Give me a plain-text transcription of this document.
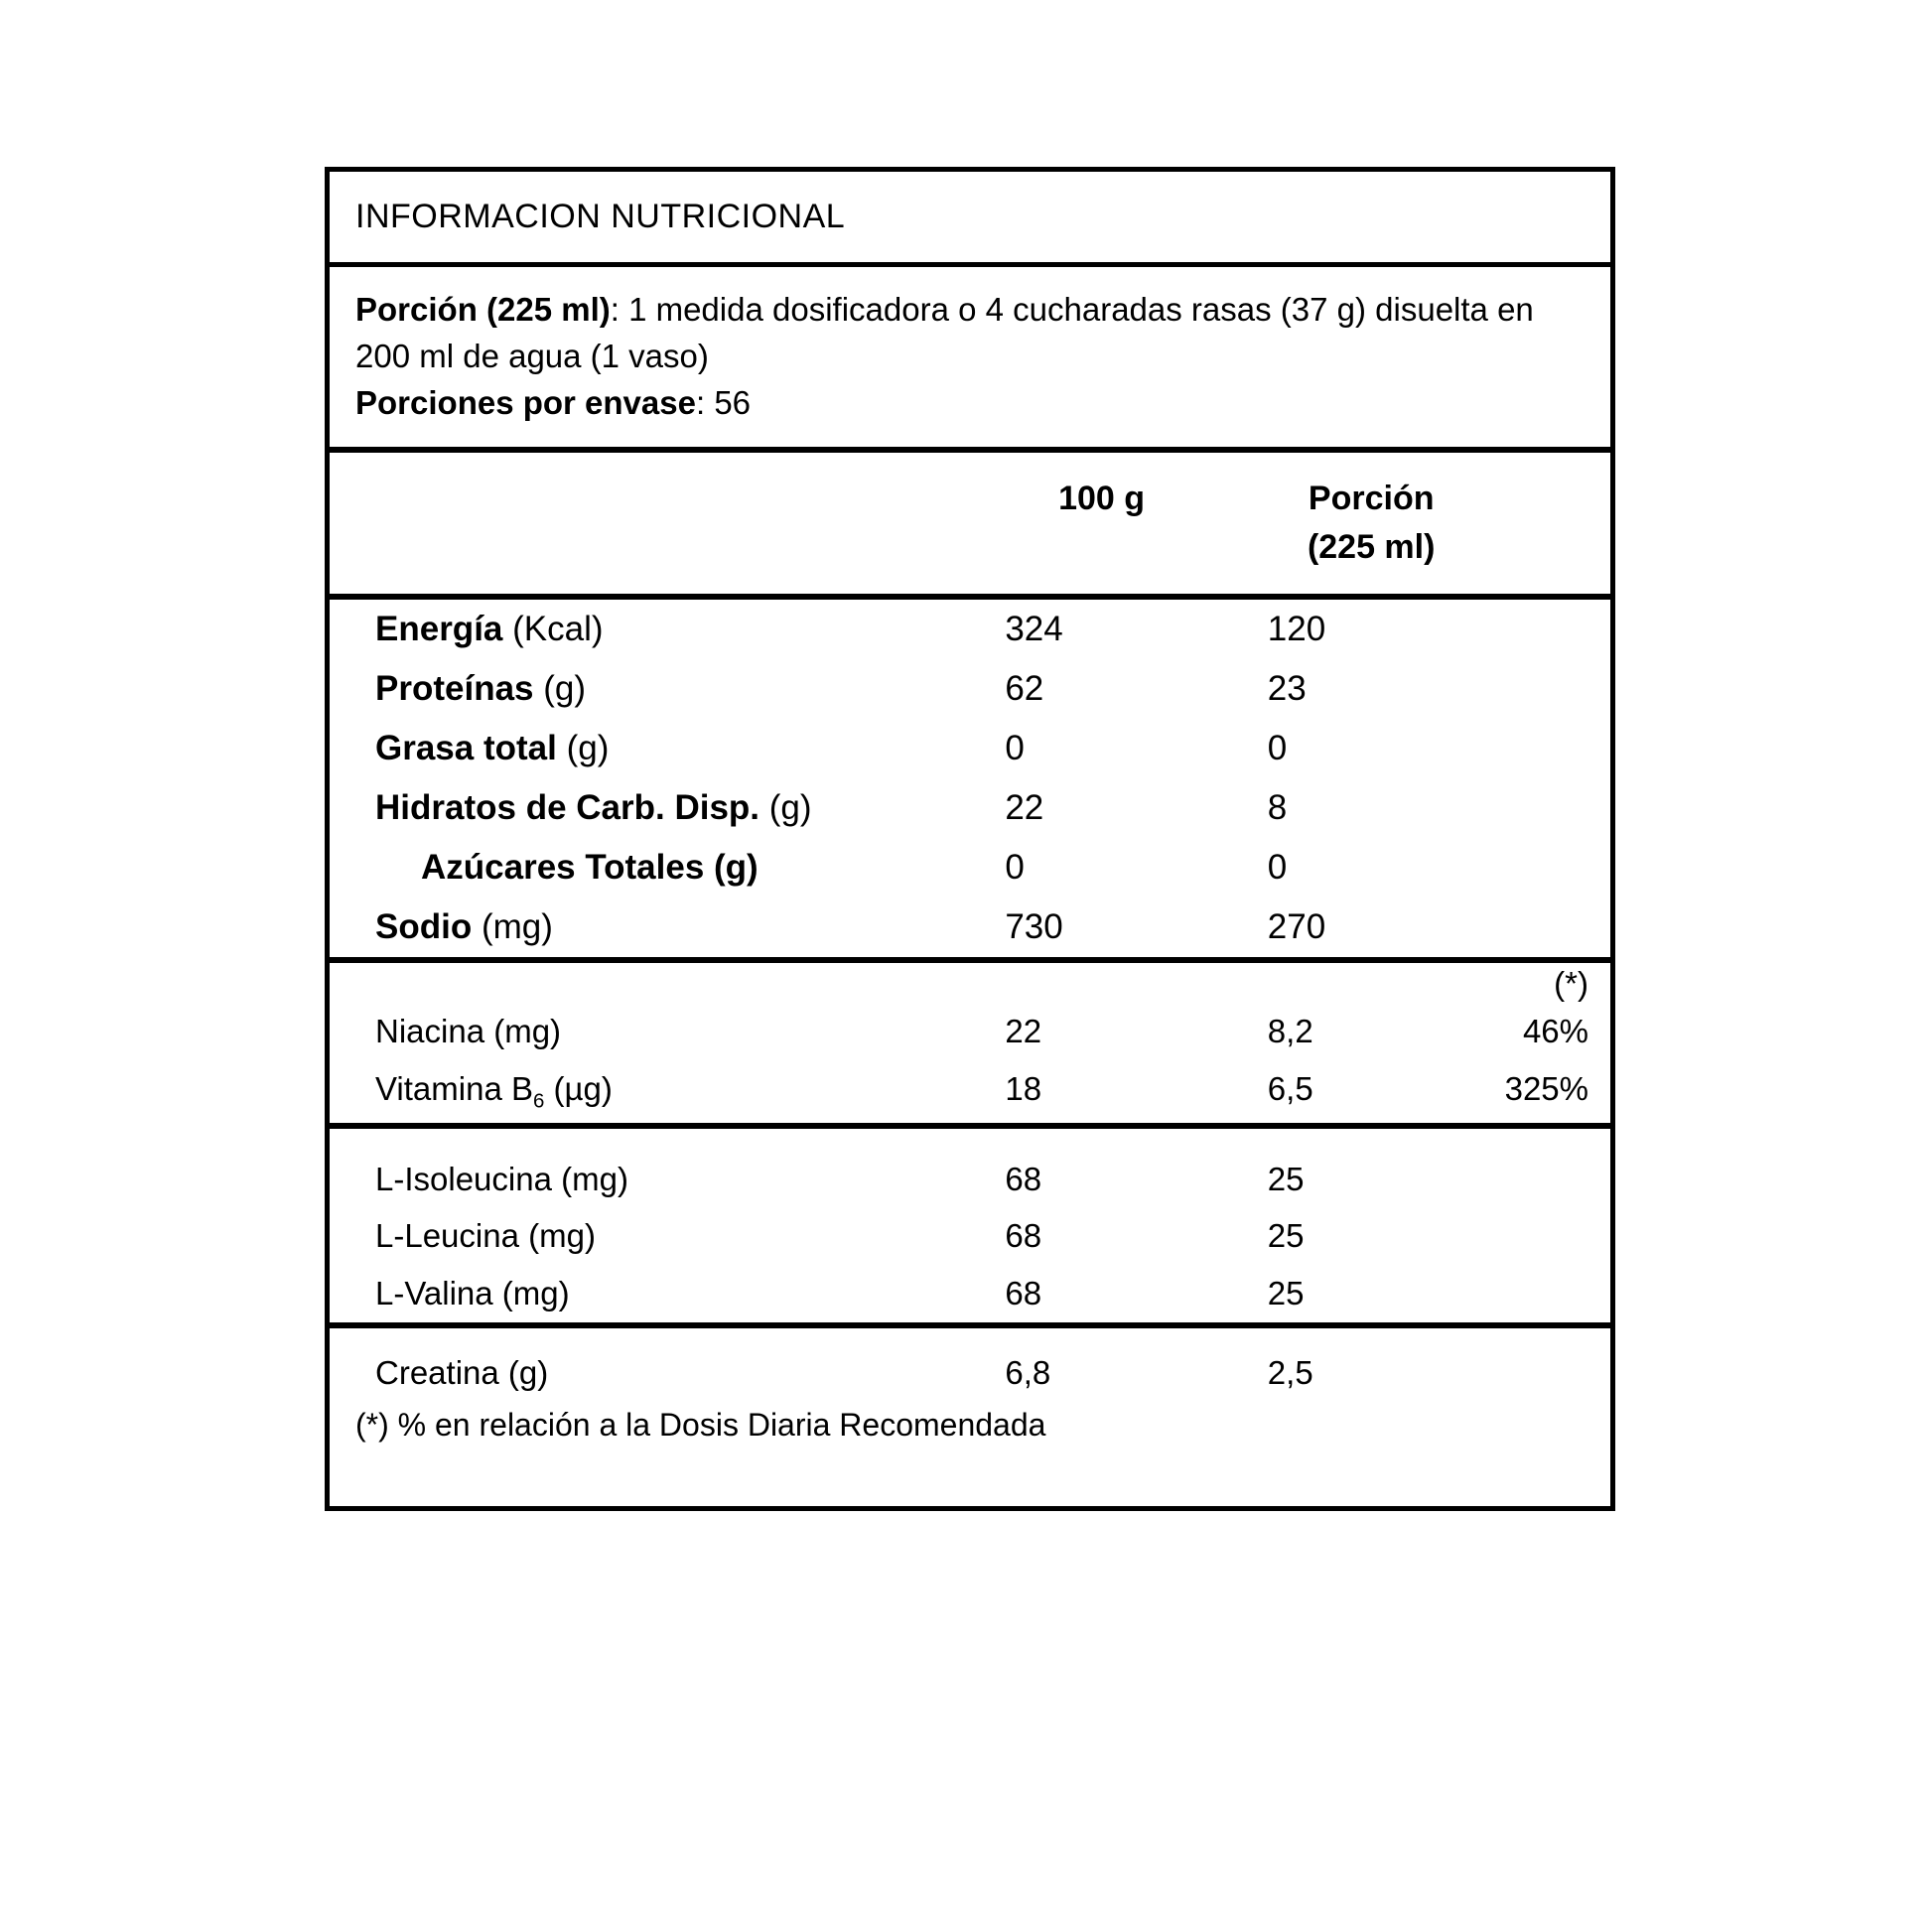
INFORMACION NUTRICIONAL
Porción (225 ml): 1 medida dosificadora o 4 cucharadas rasas (37 g) disuelta en 200 ml de agua (1 vaso)
Porciones por envase: 56
	100 g	Porción
(225 ml)	

Energía (Kcal)	324	120	
Proteínas (g)	62	23	
Grasa total (g)	0	0	
Hidratos de Carb. Disp. (g)	22	8	
Azúcares Totales (g)	0	0	
Sodio (mg)	730	270	
			(*)
Niacina (mg)	22	8,2	46%
Vitamina $B_6$ (µg)	18	6,5	325%

L-Isoleucina (mg)	68	25	
L-Leucina (mg)	68	25	
L-Valina (mg)	68	25	

Creatina (g)	6,8	2,5	
(*) % en relación a la Dosis Diaria Recomendada
